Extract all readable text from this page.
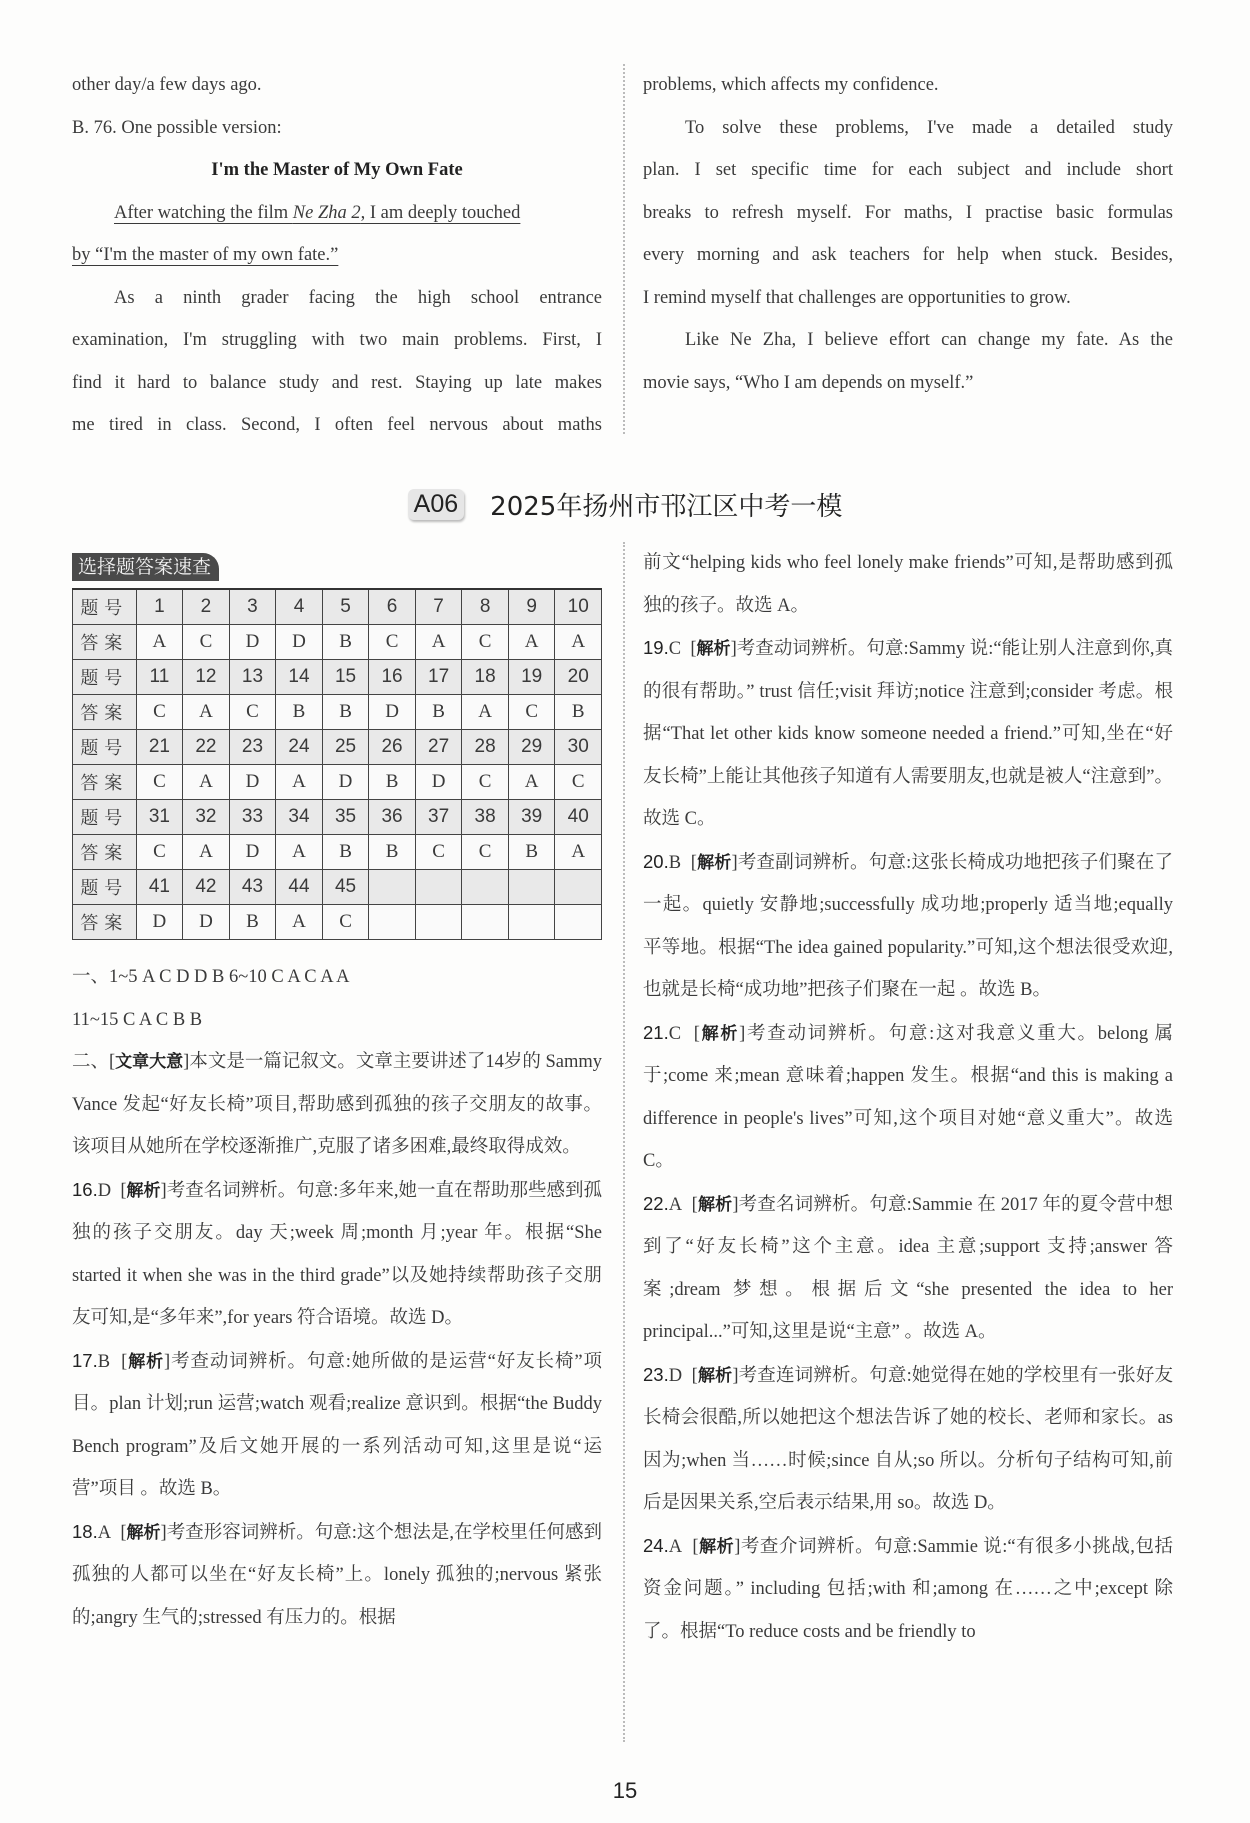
other day/a few days ago.

B. 76. One possible version:

I'm the Master of My Own Fate

After watching the film Ne Zha 2, I am deeply touched

by “I'm the master of my own fate.”

As a ninth grader facing the high school entrance

examination, I'm struggling with two main problems. First, I

find it hard to balance study and rest. Staying up late makes

me tired in class. Second, I often feel nervous about maths

problems, which affects my confidence.

To solve these problems, I've made a detailed study

plan. I set specific time for each subject and include short

breaks to refresh myself. For maths, I practise basic formulas

every morning and ask teachers for help when stuck. Besides,

I remind myself that challenges are opportunities to grow.

Like Ne Zha, I believe effort can change my fate. As the

movie says, “Who I am depends on myself.”

A06 2025年扬州市邗江区中考一模
选择题答案速查
题号	1	2	3	4	5	6	7	8	9	10
答案	A	C	D	D	B	C	A	C	A	A
题号	11	12	13	14	15	16	17	18	19	20
答案	C	A	C	B	B	D	B	A	C	B
题号	21	22	23	24	25	26	27	28	29	30
答案	C	A	D	A	D	B	D	C	A	C
题号	31	32	33	34	35	36	37	38	39	40
答案	C	A	D	A	B	B	C	C	B	A
题号	41	42	43	44	45					
答案	D	D	B	A	C					

一、1~5 A C D D B 6~10 C A C A A

11~15 C A C B B

二、[文章大意]本文是一篇记叙文。文章主要讲述了14岁的 Sammy Vance 发起“好友长椅”项目,帮助感到孤独的孩子交朋友的故事。该项目从她所在学校逐渐推广,克服了诸多困难,最终取得成效。

16.D  [解析]考查名词辨析。句意:多年来,她一直在帮助那些感到孤独的孩子交朋友。day 天;week 周;month 月;year 年。根据“She started it when she was in the third grade”以及她持续帮助孩子交朋友可知,是“多年来”,for years 符合语境。故选 D。

17.B  [解析]考查动词辨析。句意:她所做的是运营“好友长椅”项目。plan 计划;run 运营;watch 观看;realize 意识到。根据“the Buddy Bench program”及后文她开展的一系列活动可知,这里是说“运营”项目 。故选 B。

18.A  [解析]考查形容词辨析。句意:这个想法是,在学校里任何感到孤独的人都可以坐在“好友长椅”上。lonely 孤独的;nervous 紧张的;angry 生气的;stressed 有压力的。根据

前文“helping kids who feel lonely make friends”可知,是帮助感到孤独的孩子。故选 A。

19.C  [解析]考查动词辨析。句意:Sammy 说:“能让别人注意到你,真的很有帮助。” trust 信任;visit 拜访;notice 注意到;consider 考虑。根据“That let other kids know someone needed a friend.”可知,坐在“好友长椅”上能让其他孩子知道有人需要朋友,也就是被人“注意到”。故选 C。

20.B  [解析]考查副词辨析。句意:这张长椅成功地把孩子们聚在了一起。quietly 安静地;successfully 成功地;properly 适当地;equally 平等地。根据“The idea gained popularity.”可知,这个想法很受欢迎,也就是长椅“成功地”把孩子们聚在一起 。故选 B。

21.C  [解析]考查动词辨析。句意:这对我意义重大。belong 属于;come 来;mean 意味着;happen 发生。根据“and this is making a difference in people's lives”可知,这个项目对她“意义重大”。故选 C。

22.A  [解析]考查名词辨析。句意:Sammie 在 2017 年的夏令营中想到了“好友长椅”这个主意。idea 主意;support 支持;answer 答案;dream 梦想。根据后文“she presented the idea to her principal...”可知,这里是说“主意” 。故选 A。

23.D  [解析]考查连词辨析。句意:她觉得在她的学校里有一张好友长椅会很酷,所以她把这个想法告诉了她的校长、老师和家长。as 因为;when 当……时候;since 自从;so 所以。分析句子结构可知,前后是因果关系,空后表示结果,用 so。故选 D。

24.A  [解析]考查介词辨析。句意:Sammie 说:“有很多小挑战,包括资金问题。” including 包括;with 和;among 在……之中;except 除了。根据“To reduce costs and be friendly to

15
